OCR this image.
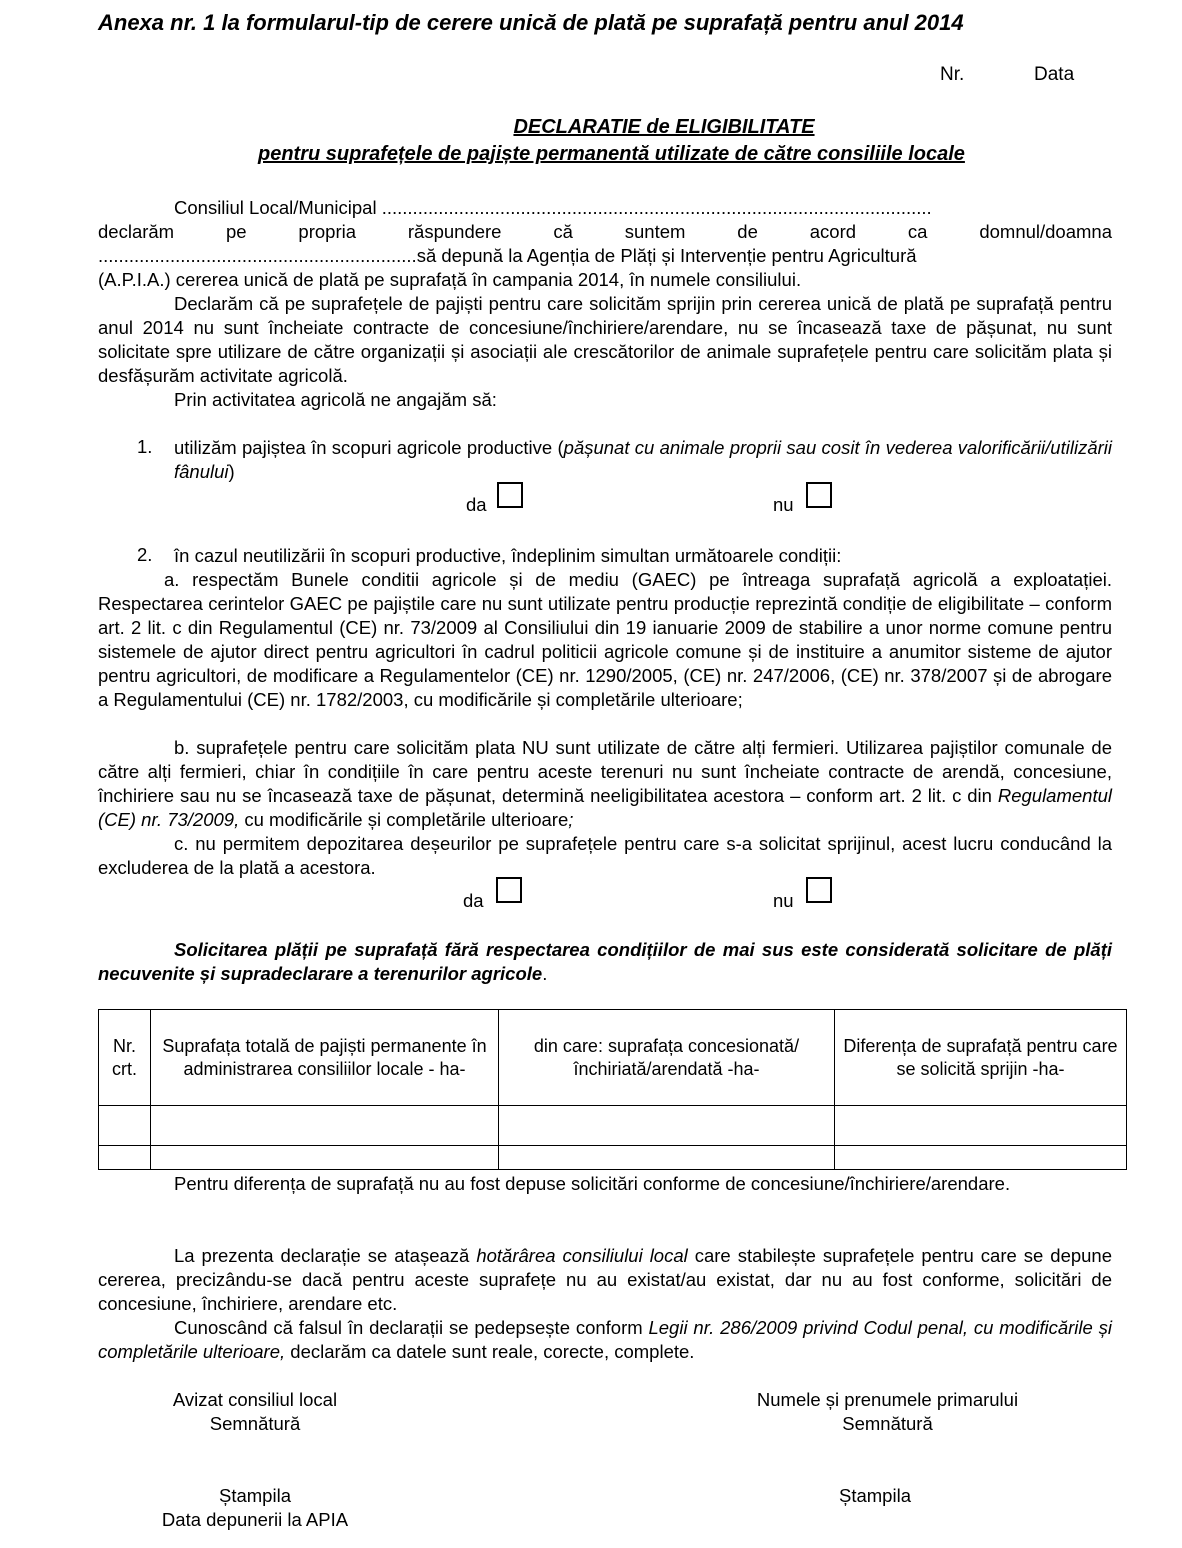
Anexa nr. 1 la formularul-tip de cerere unică de plată pe suprafață pentru anul 2014
Nr.	Data
DECLARATIE de ELIGIBILITATE
pentru suprafețele de pajiște permanentă utilizate de către consiliile locale
Consiliul Local/Municipal ...........................................................................................................
declarăm pe propria răspundere că suntem de acord ca domnul/doamna
..............................................................să depună la Agenția de Plăți și Intervenție pentru Agricultură
(A.P.I.A.) cererea unică de plată pe suprafață în campania 2014, în numele consiliului.
Declarăm că pe suprafețele de pajiști pentru care solicităm sprijin prin cererea unică de plată pe suprafață pentru anul 2014 nu sunt încheiate contracte de concesiune/închiriere/arendare, nu se încasează taxe de pășunat, nu sunt solicitate spre utilizare de către organizații și asociații ale crescătorilor de animale suprafețele pentru care solicităm plata și desfășurăm activitate agricolă.
Prin activitatea agricolă ne angajăm să:
1. utilizăm pajiștea în scopuri agricole productive (pășunat cu animale proprii sau cosit în vederea valorificării/utilizării fânului)
da	nu
2. în cazul neutilizării în scopuri productive, îndeplinim simultan următoarele condiții:
a. respectăm Bunele conditii agricole și de mediu (GAEC) pe întreaga suprafață agricolă a exploatației. Respectarea cerintelor GAEC pe pajiștile care nu sunt utilizate pentru producție reprezintă condiție de eligibilitate – conform art. 2 lit. c din Regulamentul (CE) nr. 73/2009 al Consiliului din 19 ianuarie 2009 de stabilire a unor norme comune pentru sistemele de ajutor direct pentru agricultori în cadrul politicii agricole comune și de instituire a anumitor sisteme de ajutor pentru agricultori, de modificare a Regulamentelor (CE) nr. 1290/2005, (CE) nr. 247/2006, (CE) nr. 378/2007 și de abrogare a Regulamentului (CE) nr. 1782/2003, cu modificările și completările ulterioare;
b. suprafețele pentru care solicităm plata NU sunt utilizate de către alți fermieri. Utilizarea pajiștilor comunale de către alți fermieri, chiar în condițiile în care pentru aceste terenuri nu sunt încheiate contracte de arendă, concesiune, închiriere sau nu se încasează taxe de pășunat, determină neeligibilitatea acestora – conform art. 2 lit. c din Regulamentul (CE) nr. 73/2009, cu modificările și completările ulterioare;
c. nu permitem depozitarea deșeurilor pe suprafețele pentru care s-a solicitat sprijinul, acest lucru conducând la excluderea de la plată a acestora.
da	nu
Solicitarea plății pe suprafață fără respectarea condițiilor de mai sus este considerată solicitare de plăți necuvenite și supradeclarare a terenurilor agricole.
Nr. crt.	Suprafața totală de pajiști permanente în administrarea consiliilor locale - ha-	din care: suprafața concesionată/închiriată/arendată -ha-	Diferența de suprafață pentru care se solicită sprijin -ha-

Pentru diferența de suprafață nu au fost depuse solicitări conforme de concesiune/închiriere/arendare.
La prezenta declarație se atașează hotărârea consiliului local care stabilește suprafețele pentru care se depune cererea, precizându-se dacă pentru aceste suprafețe nu au existat/au existat, dar nu au fost conforme, solicitări de concesiune, închiriere, arendare etc.
Cunoscând că falsul în declarații se pedepsește conform Legii nr. 286/2009 privind Codul penal, cu modificările și completările ulterioare, declarăm ca datele sunt reale, corecte, complete.
Avizat consiliul local
Semnătură
Ștampila
Data depunerii la APIA
Numele și prenumele primarului
Semnătură
Ștampila
